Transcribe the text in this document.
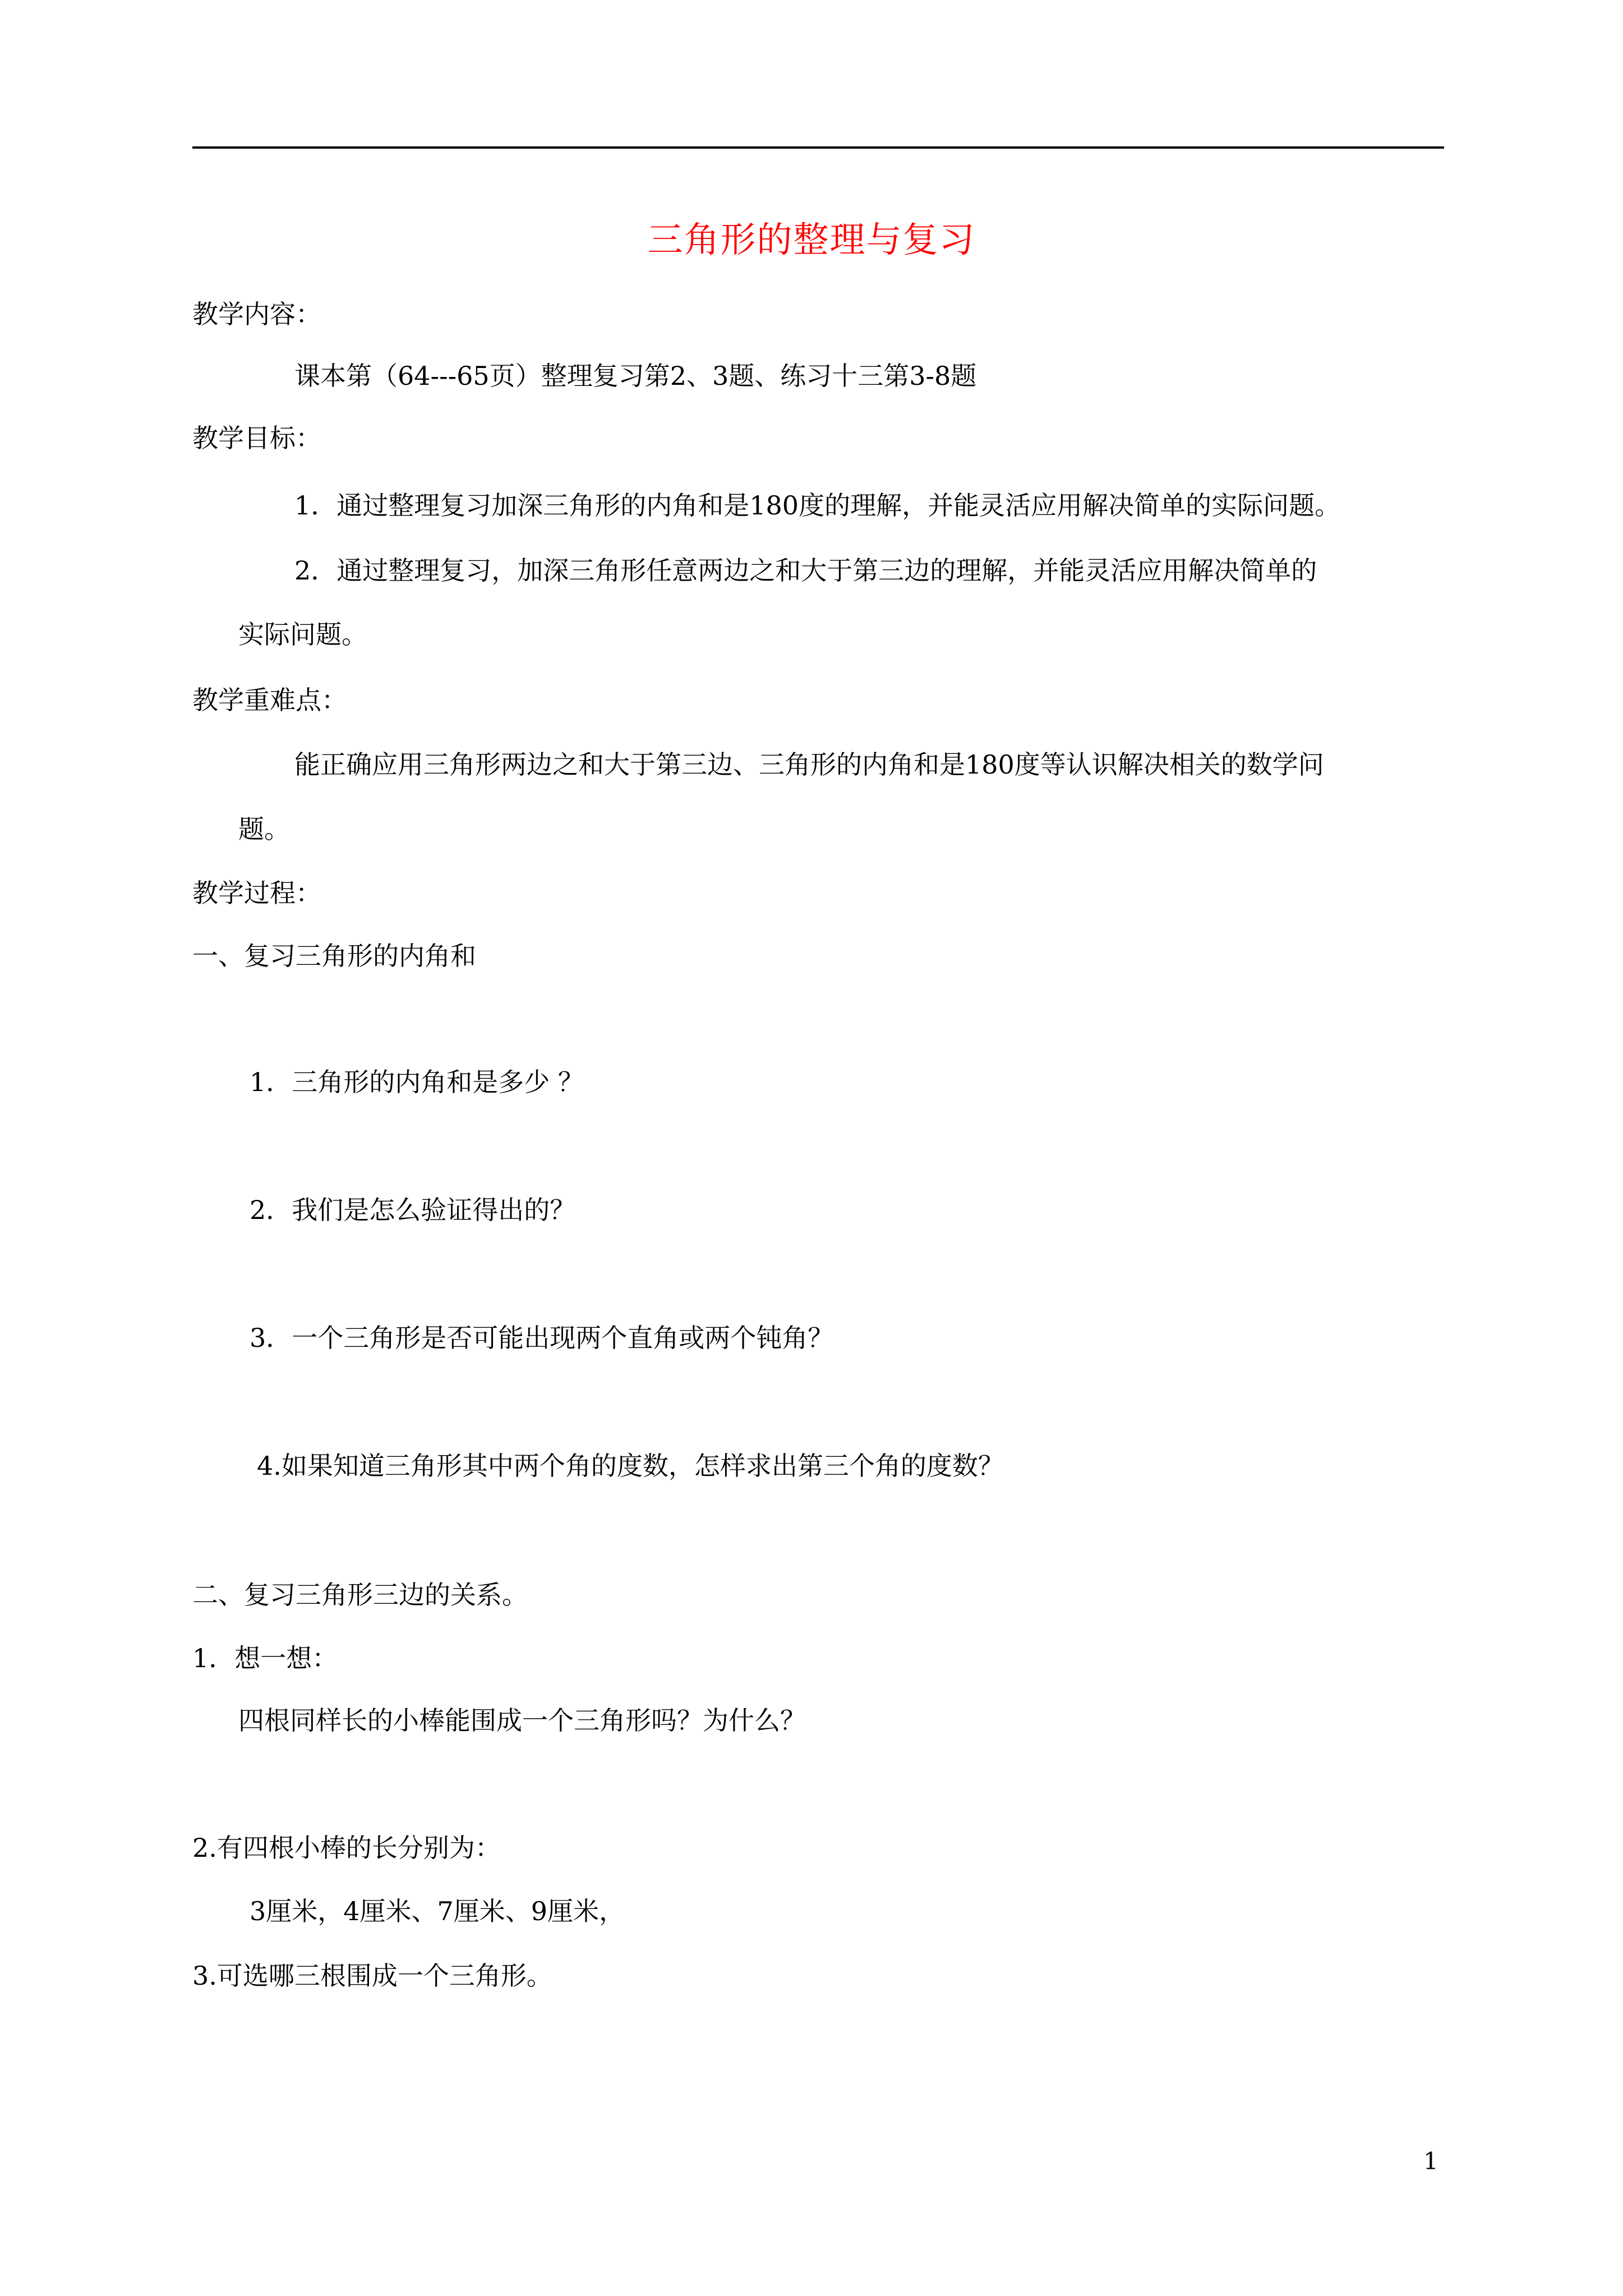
三角形的整理与复习
教学内容：
课本第（64---65页）整理复习第2、3题、练习十三第3-8题
教学目标：
1．通过整理复习加深三角形的内角和是180度的理解，并能灵活应用解决简单的实际问题。
2．通过整理复习，加深三角形任意两边之和大于第三边的理解，并能灵活应用解决简单的
实际问题。
教学重难点：
能正确应用三角形两边之和大于第三边、三角形的内角和是180度等认识解决相关的数学问
题。
教学过程：
一、复习三角形的内角和
1．三角形的内角和是多少 ？
2．我们是怎么验证得出的？
3．一个三角形是否可能出现两个直角或两个钝角？
4.如果知道三角形其中两个角的度数，怎样求出第三个角的度数？
二、复习三角形三边的关系。
1．想一想：
四根同样长的小棒能围成一个三角形吗？为什么？
2.有四根小棒的长分别为：
3厘米，4厘米、7厘米、9厘米，
3.可选哪三根围成一个三角形。
1
